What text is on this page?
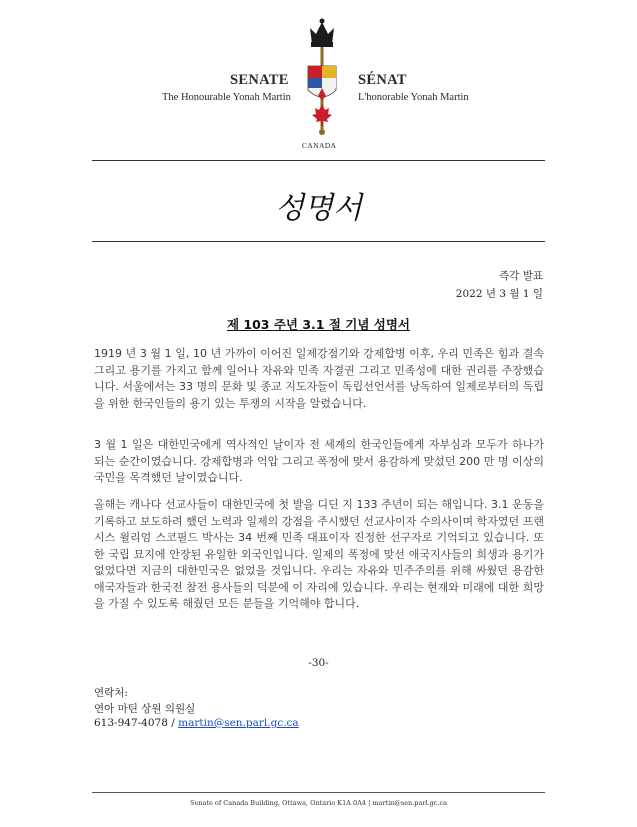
SENATE	SÉNAT
The Honourable Yonah Martin	L'honorable Yonah Martin
CANADA
성명서
즉각 발표
2022 년 3 월 1 일
제 103 주년 3.1 절 기념 성명서

1919 년 3 월 1 일, 10 년 가까이 이어진 일제강점기와 강제합병 이후, 우리 민족은 힘과 결속 그리고 용기를 가지고 함께 일어나 자유와 민족 자결권 그리고 민족성에 대한 권리를 주장했습니다. 서울에서는 33 명의 문화 및 종교 지도자들이 독립선언서를 낭독하여 일제로부터의 독립을 위한 한국인들의 용기 있는 투쟁의 시작을 알렸습니다.

3 월 1 일은 대한민국에게 역사적인 날이자 전 세계의 한국인들에게 자부심과 모두가 하나가 되는 순간이였습니다. 강제합병과 억압 그리고 폭정에 맞서 용감하게 맞섰던 200 만 명 이상의 국민을 목격했던 날이였습니다.

올해는 캐나다 선교사들이 대한민국에 첫 발을 디딘 지 133 주년이 되는 해입니다. 3.1 운동을 기록하고 보도하려 했던 노력과 일제의 강점을 주시했던 선교사이자 수의사이며 학자였던 프랜시스 윌리엄 스코필드 박사는 34 번째 민족 대표이자 진정한 선구자로 기억되고 있습니다. 또한 국립 묘지에 안장된 유일한 외국인입니다. 일제의 폭정에 맞선 애국지사들의 희생과 용기가 없었다면 지금의 대한민국은 없었을 것입니다. 우리는 자유와 민주주의를 위해 싸웠던 용감한 애국자들과 한국전 참전 용사들의 덕분에 이 자리에 있습니다. 우리는 현재와 미래에 대한 희망을 가질 수 있도록 해줬던 모든 분들을 기억해야 합니다.

-30-
연락처:
연아 마틴 상원 의원실
613-947-4078 / martin@sen.parl.gc.ca
Senate of Canada Building, Ottawa, Ontario K1A 0A4 | martin@sen.parl.gc.ca
